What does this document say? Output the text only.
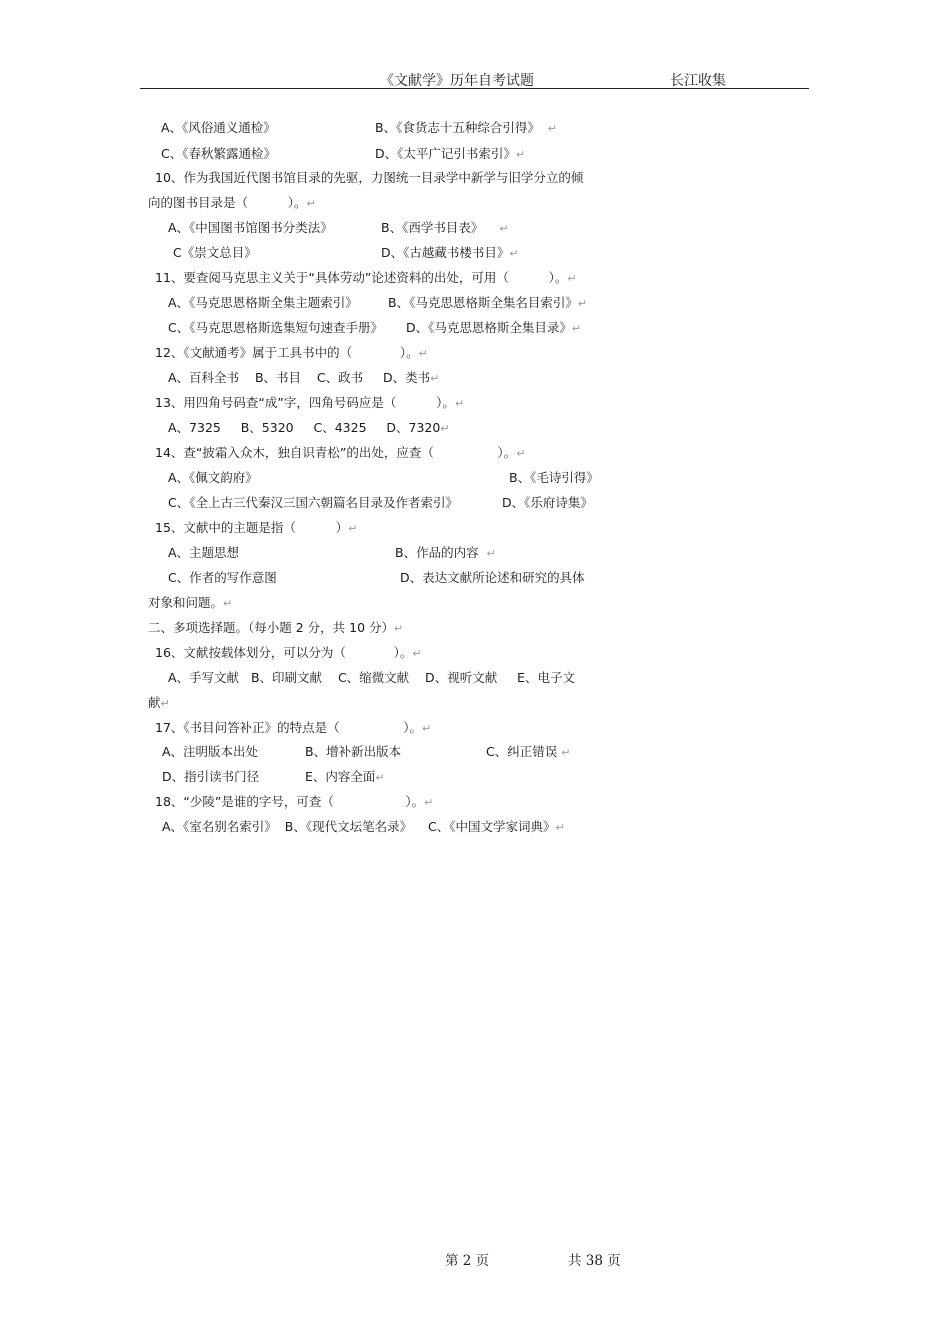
《文献学》历年自考试题	长江收集
A、《风俗通义通检》	B、《食货志十五种综合引得》 ↵
C、《春秋繁露通检》	D、《太平广记引书索引》↵
10、作为我国近代图书馆目录的先驱，力图统一目录学中新学与旧学分立的倾
向的图书目录是（          ）。↵
A、《中国图书馆图书分类法》	B、《西学书目表》 ↵
C《崇文总目》	D、《古越藏书楼书目》↵
11、要查阅马克思主义关于“具体劳动”论述资料的出处，可用（          ）。↵
A、《马克思恩格斯全集主题索引》 B、《马克思恩格斯全集名目索引》↵
C、《马克思恩格斯选集短句速查手册》 D、《马克思恩格斯全集目录》↵
12、《文献通考》属于工具书中的（            ）。↵
A、百科全书    B、书目    C、政书     D、类书↵
13、用四角号码查“成”字，四角号码应是（          ）。↵
A、7325     B、5320     C、4325     D、7320↵
14、查“披霜入众木，独自识青松”的出处，应查（                ）。↵
A、《佩文韵府》	B、《毛诗引得》
C、《全上古三代秦汉三国六朝篇名目录及作者索引》	D、《乐府诗集》
15、文献中的主题是指（          ）↵
A、主题思想	B、作品的内容 ↵
C、作者的写作意图	D、表达文献所论述和研究的具体
对象和问题。↵
二、多项选择题。（每小题 2 分，共 10 分）↵
16、文献按载体划分，可以分为（            ）。↵
A、手写文献   B、印刷文献    C、缩微文献    D、视听文献     E、电子文
献↵
17、《书目问答补正》的特点是（                ）。↵
A、注明版本出处	B、增补新出版本	C、纠正错误 ↵
D、指引读书门径	E、内容全面↵
18、“少陵”是谁的字号，可查（                  ）。↵
A、《室名别名索引》  B、《现代文坛笔名录》    C、《中国文学家词典》↵
第 2 页	共 38 页
